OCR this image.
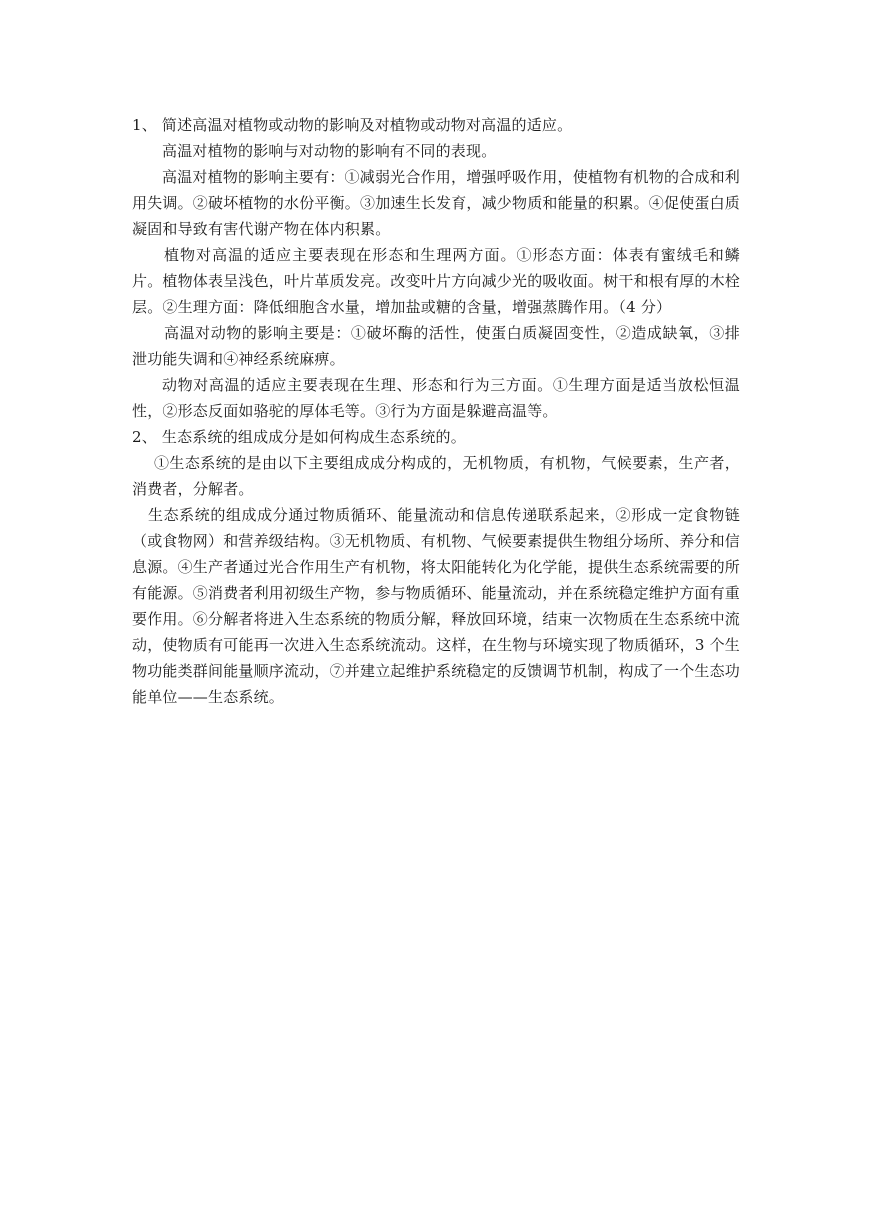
1、 简述高温对植物或动物的影响及对植物或动物对高温的适应。

高温对植物的影响与对动物的影响有不同的表现。

高温对植物的影响主要有：①减弱光合作用，增强呼吸作用，使植物有机物的合成和利用失调。②破坏植物的水份平衡。③加速生长发育，减少物质和能量的积累。④促使蛋白质凝固和导致有害代谢产物在体内积累。

植物对高温的适应主要表现在形态和生理两方面。①形态方面：体表有蜜绒毛和鳞片。植物体表呈浅色，叶片革质发亮。改变叶片方向减少光的吸收面。树干和根有厚的木栓层。②生理方面：降低细胞含水量，增加盐或糖的含量，增强蒸腾作用。（4 分）

高温对动物的影响主要是：①破坏酶的活性，使蛋白质凝固变性，②造成缺氧，③排泄功能失调和④神经系统麻痹。

动物对高温的适应主要表现在生理、形态和行为三方面。①生理方面是适当放松恒温性，②形态反面如骆驼的厚体毛等。③行为方面是躲避高温等。

2、 生态系统的组成成分是如何构成生态系统的。

①生态系统的是由以下主要组成成分构成的，无机物质，有机物，气候要素，生产者，消费者，分解者。

生态系统的组成成分通过物质循环、能量流动和信息传递联系起来，②形成一定食物链（或食物网）和营养级结构。③无机物质、有机物、气候要素提供生物组分场所、养分和信息源。④生产者通过光合作用生产有机物，将太阳能转化为化学能，提供生态系统需要的所有能源。⑤消费者利用初级生产物，参与物质循环、能量流动，并在系统稳定维护方面有重要作用。⑥分解者将进入生态系统的物质分解，释放回环境，结束一次物质在生态系统中流动，使物质有可能再一次进入生态系统流动。这样，在生物与环境实现了物质循环，3 个生物功能类群间能量顺序流动，⑦并建立起维护系统稳定的反馈调节机制，构成了一个生态功能单位——生态系统。
